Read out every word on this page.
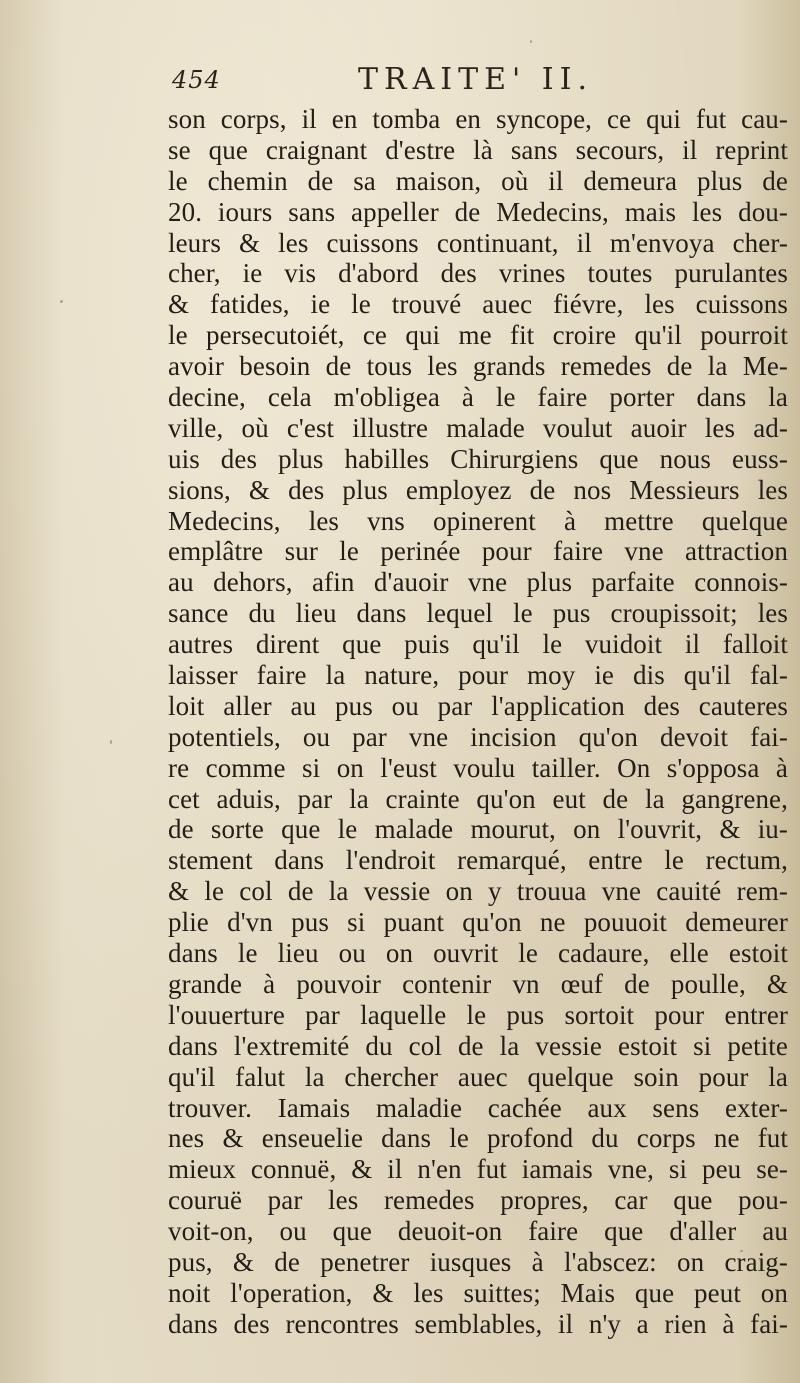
454	TRAITE' II.
son corps, il en tomba en syncope, ce qui fut cau-
se que craignant d'estre là sans secours, il reprint
le chemin de sa maison, où il demeura plus de
20. iours sans appeller de Medecins, mais les dou-
leurs & les cuissons continuant, il m'envoya cher-
cher, ie vis d'abord des vrines toutes purulantes
& fatides, ie le trouvé auec fiévre, les cuissons
le persecutoiét, ce qui me fit croire qu'il pourroit
avoir besoin de tous les grands remedes de la Me-
decine, cela m'obligea à le faire porter dans la
ville, où c'est illustre malade voulut auoir les ad-
uis des plus habilles Chirurgiens que nous euss-
sions, & des plus employez de nos Messieurs les
Medecins, les vns opinerent à mettre quelque
emplâtre sur le perinée pour faire vne attraction
au dehors, afin d'auoir vne plus parfaite connois-
sance du lieu dans lequel le pus croupissoit; les
autres dirent que puis qu'il le vuidoit il falloit
laisser faire la nature, pour moy ie dis qu'il fal-
loit aller au pus ou par l'application des cauteres
potentiels, ou par vne incision qu'on devoit fai-
re comme si on l'eust voulu tailler. On s'opposa à
cet aduis, par la crainte qu'on eut de la gangrene,
de sorte que le malade mourut, on l'ouvrit, & iu-
stement dans l'endroit remarqué, entre le rectum,
& le col de la vessie on y trouua vne cauité rem-
plie d'vn pus si puant qu'on ne pouuoit demeurer
dans le lieu ou on ouvrit le cadaure, elle estoit
grande à pouvoir contenir vn œuf de poulle, &
l'ouuerture par laquelle le pus sortoit pour entrer
dans l'extremité du col de la vessie estoit si petite
qu'il falut la chercher auec quelque soin pour la
trouver. Iamais maladie cachée aux sens exter-
nes & enseuelie dans le profond du corps ne fut
mieux connuë, & il n'en fut iamais vne, si peu se-
couruë par les remedes propres, car que pou-
voit-on, ou que deuoit-on faire que d'aller au
pus, & de penetrer iusques à l'abscez: on craig-
noit l'operation, & les suittes; Mais que peut on
dans des rencontres semblables, il n'y a rien à fai-
